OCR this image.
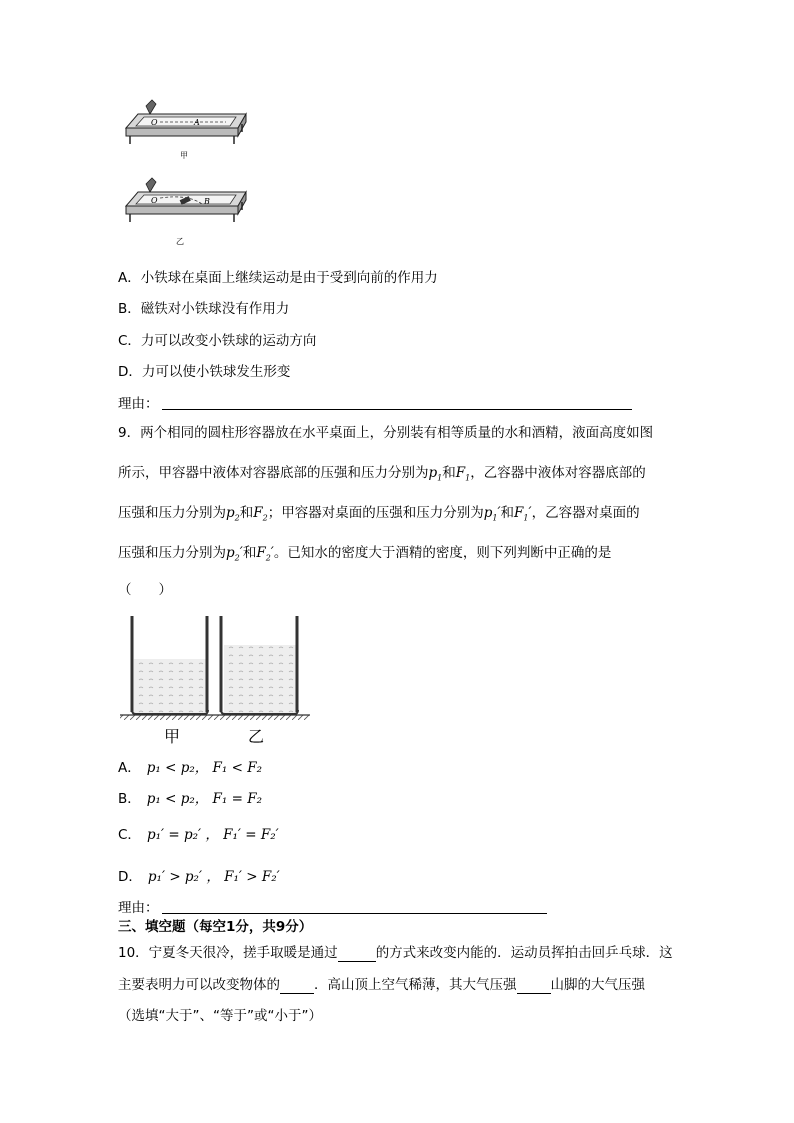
O	A
甲
O	B
乙
A．小铁球在桌面上继续运动是由于受到向前的作用力
B．磁铁对小铁球没有作用力
C．力可以改变小铁球的运动方向
D．力可以使小铁球发生形变
理由：
9．两个相同的圆柱形容器放在水平桌面上，分别装有相等质量的水和酒精，液面高度如图
所示，甲容器中液体对容器底部的压强和压力分别为$p_1$和$F_1$，乙容器中液体对容器底部的
压强和压力分别为$p_2$和$F_2$；甲容器对桌面的压强和压力分别为$p_1'$和$F_1'$，乙容器对桌面的
压强和压力分别为$p_2'$和$F_2'$。已知水的密度大于酒精的密度，则下列判断中正确的是
（　　）
甲	乙
A． p₁ < p₂， F₁ < F₂
B． p₁ < p₂， F₁ = F₂
C． p₁′ = p₂′ ， F₁′ = F₂′
D． p₁′ > p₂′ ， F₁′ > F₂′
理由：
三、填空题（每空1分，共9分）
10．宁夏冬天很冷，搓手取暖是通过	的方式来改变内能的．运动员挥拍击回乒乓球．这
主要表明力可以改变物体的	．高山顶上空气稀薄，其大气压强	山脚的大气压强
（选填“大于”、“等于”或“小于”）
